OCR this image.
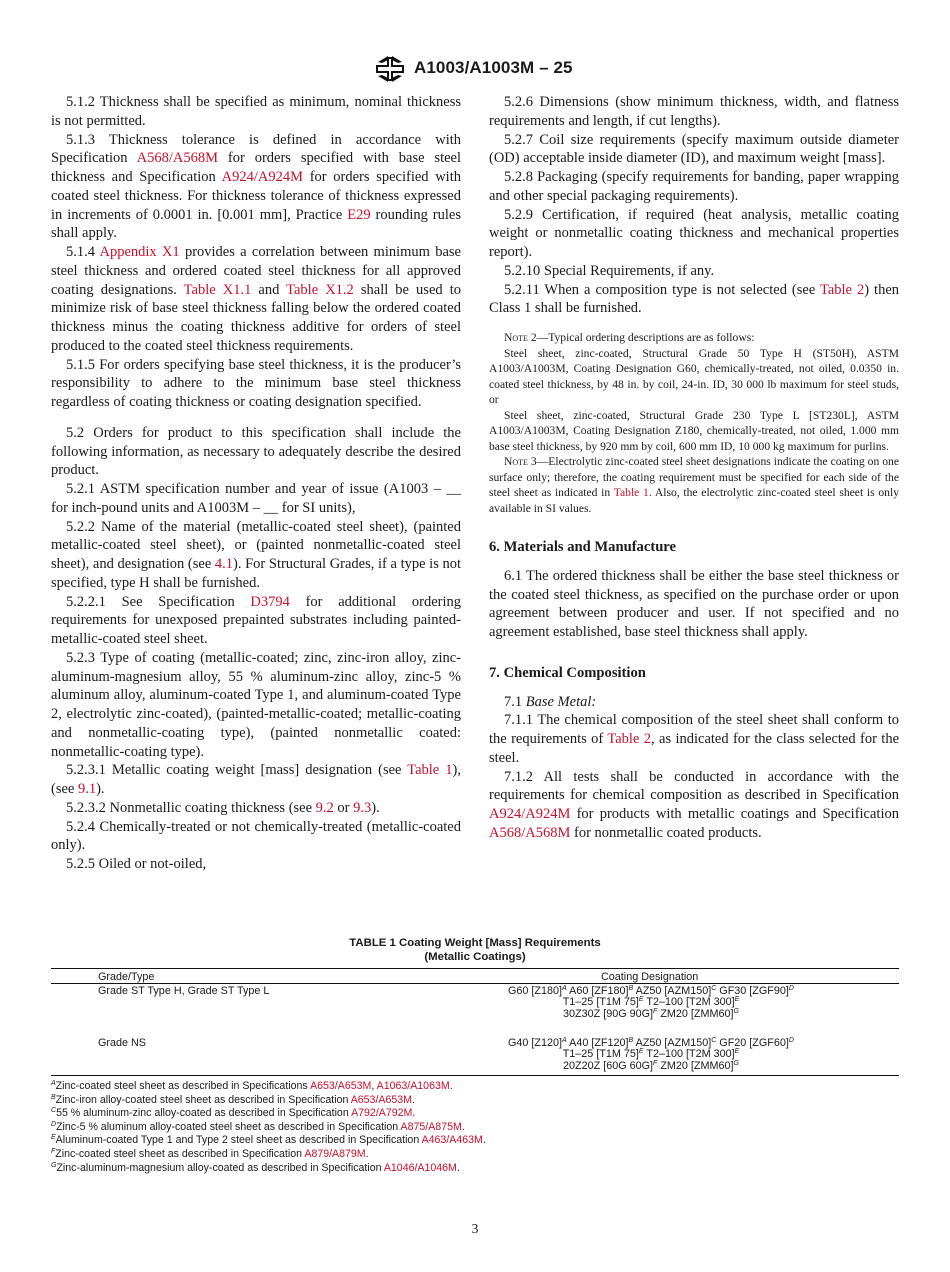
A1003/A1003M – 25

5.1.2 Thickness shall be specified as minimum, nominal thickness is not permitted.

5.1.3 Thickness tolerance is defined in accordance with Specification A568/A568M for orders specified with base steel thickness and Specification A924/A924M for orders specified with coated steel thickness. For thickness tolerance of thickness expressed in increments of 0.0001 in. [0.001 mm], Practice E29 rounding rules shall apply.

5.1.4 Appendix X1 provides a correlation between minimum base steel thickness and ordered coated steel thickness for all approved coating designations. Table X1.1 and Table X1.2 shall be used to minimize risk of base steel thickness falling below the ordered coated thickness minus the coating thickness additive for orders of steel produced to the coated steel thickness requirements.

5.1.5 For orders specifying base steel thickness, it is the producer’s responsibility to adhere to the minimum base steel thickness regardless of coating thickness or coating designation specified.

5.2 Orders for product to this specification shall include the following information, as necessary to adequately describe the desired product.

5.2.1 ASTM specification number and year of issue (A1003 – __ for inch-pound units and A1003M – __ for SI units),

5.2.2 Name of the material (metallic-coated steel sheet), (painted metallic-coated steel sheet), or (painted nonmetallic-coated steel sheet), and designation (see 4.1). For Structural Grades, if a type is not specified, type H shall be furnished.

5.2.2.1 See Specification D3794 for additional ordering requirements for unexposed prepainted substrates including painted-metallic-coated steel sheet.

5.2.3 Type of coating (metallic-coated; zinc, zinc-iron alloy, zinc-aluminum-magnesium alloy, 55 % aluminum-zinc alloy, zinc-5 % aluminum alloy, aluminum-coated Type 1, and aluminum-coated Type 2, electrolytic zinc-coated), (painted-metallic-coated; metallic-coating and nonmetallic-coating type), (painted nonmetallic coated: nonmetallic-coating type).

5.2.3.1 Metallic coating weight [mass] designation (see Table 1), (see 9.1).

5.2.3.2 Nonmetallic coating thickness (see 9.2 or 9.3).

5.2.4 Chemically-treated or not chemically-treated (metallic-coated only).

5.2.5 Oiled or not-oiled,

5.2.6 Dimensions (show minimum thickness, width, and flatness requirements and length, if cut lengths).

5.2.7 Coil size requirements (specify maximum outside diameter (OD) acceptable inside diameter (ID), and maximum weight [mass].

5.2.8 Packaging (specify requirements for banding, paper wrapping and other special packaging requirements).

5.2.9 Certification, if required (heat analysis, metallic coating weight or nonmetallic coating thickness and mechanical properties report).

5.2.10 Special Requirements, if any.

5.2.11 When a composition type is not selected (see Table 2) then Class 1 shall be furnished.

Note 2—Typical ordering descriptions are as follows:

Steel sheet, zinc-coated, Structural Grade 50 Type H (ST50H), ASTM A1003/A1003M, Coating Designation G60, chemically-treated, not oiled, 0.0350 in. coated steel thickness, by 48 in. by coil, 24-in. ID, 30 000 lb maximum for steel studs, or

Steel sheet, zinc-coated, Structural Grade 230 Type L [ST230L], ASTM A1003/A1003M, Coating Designation Z180, chemically-treated, not oiled, 1.000 mm base steel thickness, by 920 mm by coil, 600 mm ID, 10 000 kg maximum for purlins.

Note 3—Electrolytic zinc-coated steel sheet designations indicate the coating on one surface only; therefore, the coating requirement must be specified for each side of the steel sheet as indicated in Table 1. Also, the electrolytic zinc-coated steel sheet is only available in SI values.

6. Materials and Manufacture

6.1 The ordered thickness shall be either the base steel thickness or the coated steel thickness, as specified on the purchase order or upon agreement between producer and user. If not specified and no agreement established, base steel thickness shall apply.

7. Chemical Composition

7.1 Base Metal:

7.1.1 The chemical composition of the steel sheet shall conform to the requirements of Table 2, as indicated for the class selected for the steel.

7.1.2 All tests shall be conducted in accordance with the requirements for chemical composition as described in Specification A924/A924M for products with metallic coatings and Specification A568/A568M for nonmetallic coated products.

TABLE 1 Coating Weight [Mass] Requirements
(Metallic Coatings)
Grade/Type	Coating Designation
Grade ST Type H, Grade ST Type L	G60 $[Z180]^A$ A60 $[ZF180]^B$ AZ50 $[AZM150]^C$ GF30 $[ZGF90]^D$
T1–25 [T1M 75]$^E$ T2–100 [T2M 300]$^E$
30Z30Z [90G 90G]$^F$ ZM20 $[ZMM60]^G$
Grade NS	G40 $[Z120]^A$ A40 $[ZF120]^B$ AZ50 $[AZM150]^C$ GF20 $[ZGF60]^D$
T1–25 [T1M 75]$^E$ T2–100 [T2M 300]$^E$
20Z20Z [60G 60G]$^F$ ZM20 $[ZMM60]^G$
$^A$Zinc-coated steel sheet as described in Specifications A653/A653M, A1063/A1063M.
$^B$Zinc-iron alloy-coated steel sheet as described in Specification A653/A653M.
$^C$55 % aluminum-zinc alloy-coated as described in Specification A792/A792M.
$^D$Zinc-5 % aluminum alloy-coated steel sheet as described in Specification A875/A875M.
$^E$Aluminum-coated Type 1 and Type 2 steel sheet as described in Specification A463/A463M.
$^F$Zinc-coated steel sheet as described in Specification A879/A879M.
$^G$Zinc-aluminum-magnesium alloy-coated as described in Specification A1046/A1046M.
3
